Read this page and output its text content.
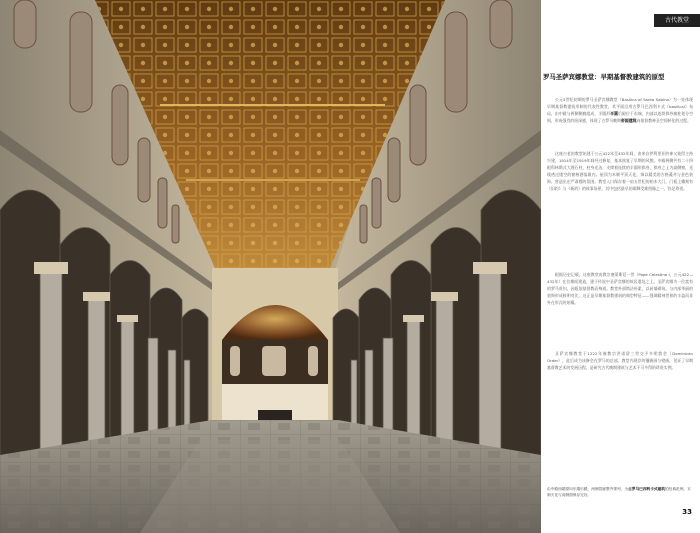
古代教堂
罗马圣萨宾娜教堂：早期基督教建筑的原型

公元5世纪初期的罗马圣萨宾娜教堂（Basilica of Santa Sabina）为一处体现早期基督教建筑形制的代表性教堂，其平面沿用古罗马巴西利卡式（basilical）布局，由中殿与两侧侧廊组成，半圆形半圆后殿位于东端，内部以连续拱券廊柱划分空间，形成强烈的纵深感，体现了古罗马晚期帝国建筑向基督教神圣空间转化的过程。

这座古老的教堂始建于公元422年至432年间，由来自伊利里亚的神父彼得主持兴建，1914年至1919年间经过修复，基本恢复了早期的风貌。中殿两侧共有二十四根科林斯式大理石柱，柱身光洁，支撑着连续的半圆形拱券，拱券之上为高侧窗，光线透过镂空的窗格洒落殿内。屋顶为木制平顶天花，饰以精美的方格藻井与金色装饰，营造出庄严肃穆的氛围。教堂入口保存着一扇五世纪的柏木大门，门板上雕刻有《旧约》与《新约》的故事场景，其中包括最早的耶稣受难图像之一，弥足珍贵。

根据历史记载，这座教堂由教宗塞莱斯廷一世（Pope Celestine I，公元422—432年）在位期间建造，建于传说中圣萨宾娜的故居遗址之上。圣萨宾娜为一位富有的罗马贵妇，因皈依基督教而殉道。教堂外部简洁朴素，以砖墙砌筑，与内部华丽的装饰形成鲜明对比，这正是早期基督教建筑的典型特征——强调精神世界的丰盈而非外在形式的炫耀。

圣萨宾娜教堂于1222年被教宗洪诺留三世交予多明我会（Dominican Order），此后成为该修会在罗马的总部。教堂内现存的镶嵌画与壁画，见证了早期基督教艺术的发展历程，是研究古代晚期建筑与艺术不可多得的珍贵实例。

由中殿西端望向东端后殿，两侧拱廊整齐排列，为古罗马巴西利卡式建筑的经典范例，木制天花与高侧窗保存完好。
33
